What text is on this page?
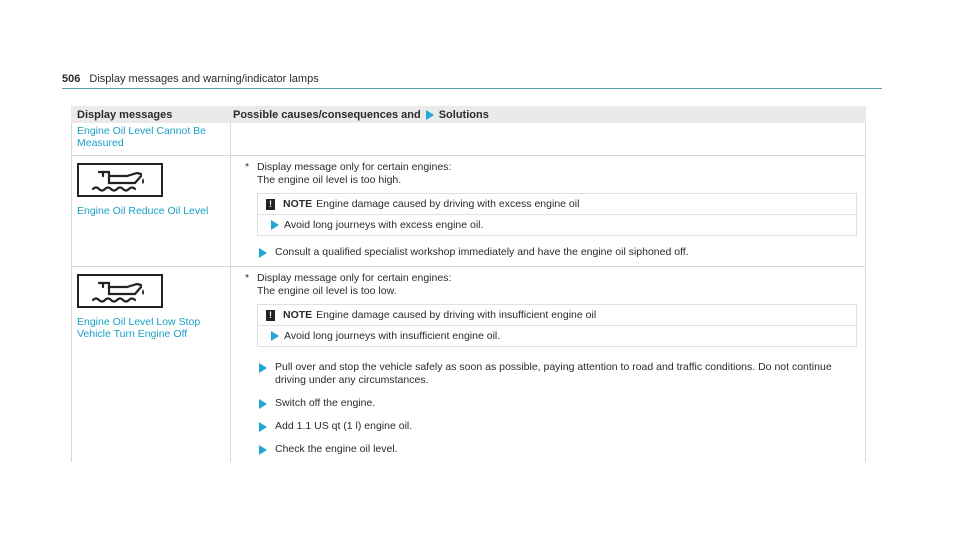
506 Display messages and warning/indicator lamps
Display messages	Possible causes/consequences and Solutions
Engine Oil Level Cannot Be Measured
Engine Oil Reduce Oil Level
* Display message only for certain engines:
The engine oil level is too high.
! NOTE Engine damage caused by driving with excess engine oil
Avoid long journeys with excess engine oil.
Consult a qualified specialist workshop immediately and have the engine oil siphoned off.
Engine Oil Level Low Stop
Vehicle Turn Engine Off
* Display message only for certain engines:
The engine oil level is too low.
! NOTE Engine damage caused by driving with insufficient engine oil
Avoid long journeys with insufficient engine oil.
Pull over and stop the vehicle safely as soon as possible, paying attention to road and traffic conditions. Do not continue driving under any circumstances.
Switch off the engine.
Add 1.1 US qt (1 l) engine oil.
Check the engine oil level.
